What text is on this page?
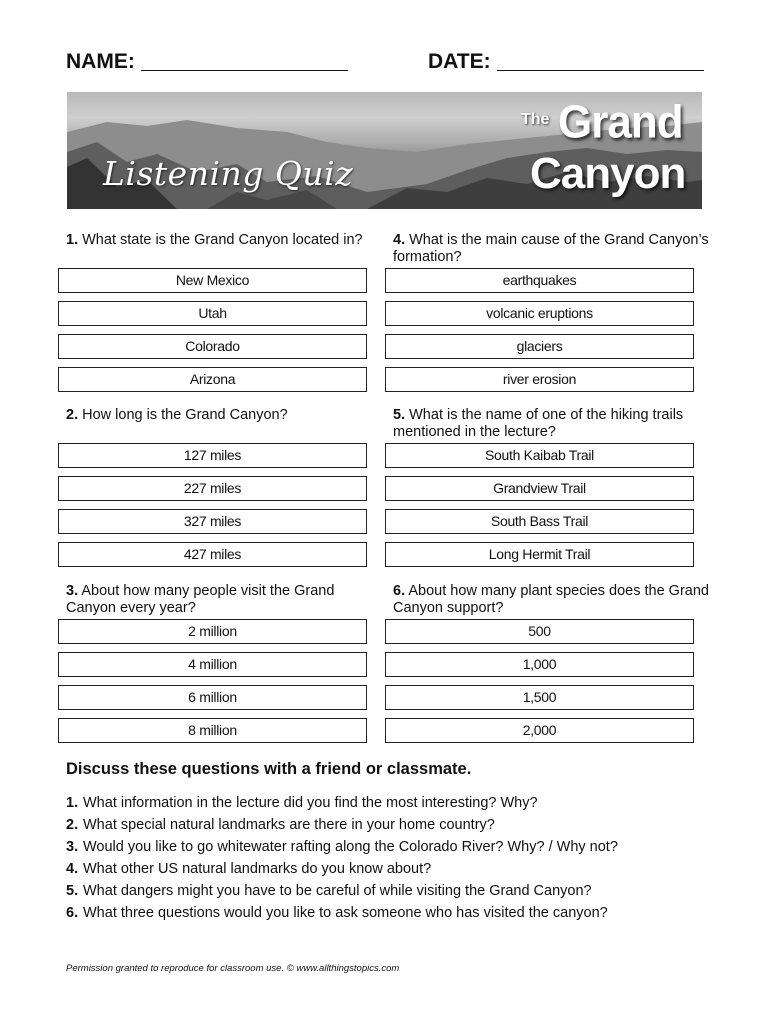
NAME:	DATE:
Listening Quiz
The Grand
Canyon
1. What state is the Grand Canyon located in?
New Mexico
Utah
Colorado
Arizona
2. How long is the Grand Canyon?
127 miles
227 miles
327 miles
427 miles
3. About how many people visit the Grand Canyon every year?
2 million
4 million
6 million
8 million
4. What is the main cause of the Grand Canyon’s formation?
earthquakes
volcanic eruptions
glaciers
river erosion
5. What is the name of one of the hiking trails mentioned in the lecture?
South Kaibab Trail
Grandview Trail
South Bass Trail
Long Hermit Trail
6. About how many plant species does the Grand Canyon support?
500
1,000
1,500
2,000
Discuss these questions with a friend or classmate.
1. What information in the lecture did you find the most interesting? Why?
2. What special natural landmarks are there in your home country?
3. Would you like to go whitewater rafting along the Colorado River? Why? / Why not?
4. What other US natural landmarks do you know about?
5. What dangers might you have to be careful of while visiting the Grand Canyon?
6. What three questions would you like to ask someone who has visited the canyon?
Permission granted to reproduce for classroom use. © www.allthingstopics.com
